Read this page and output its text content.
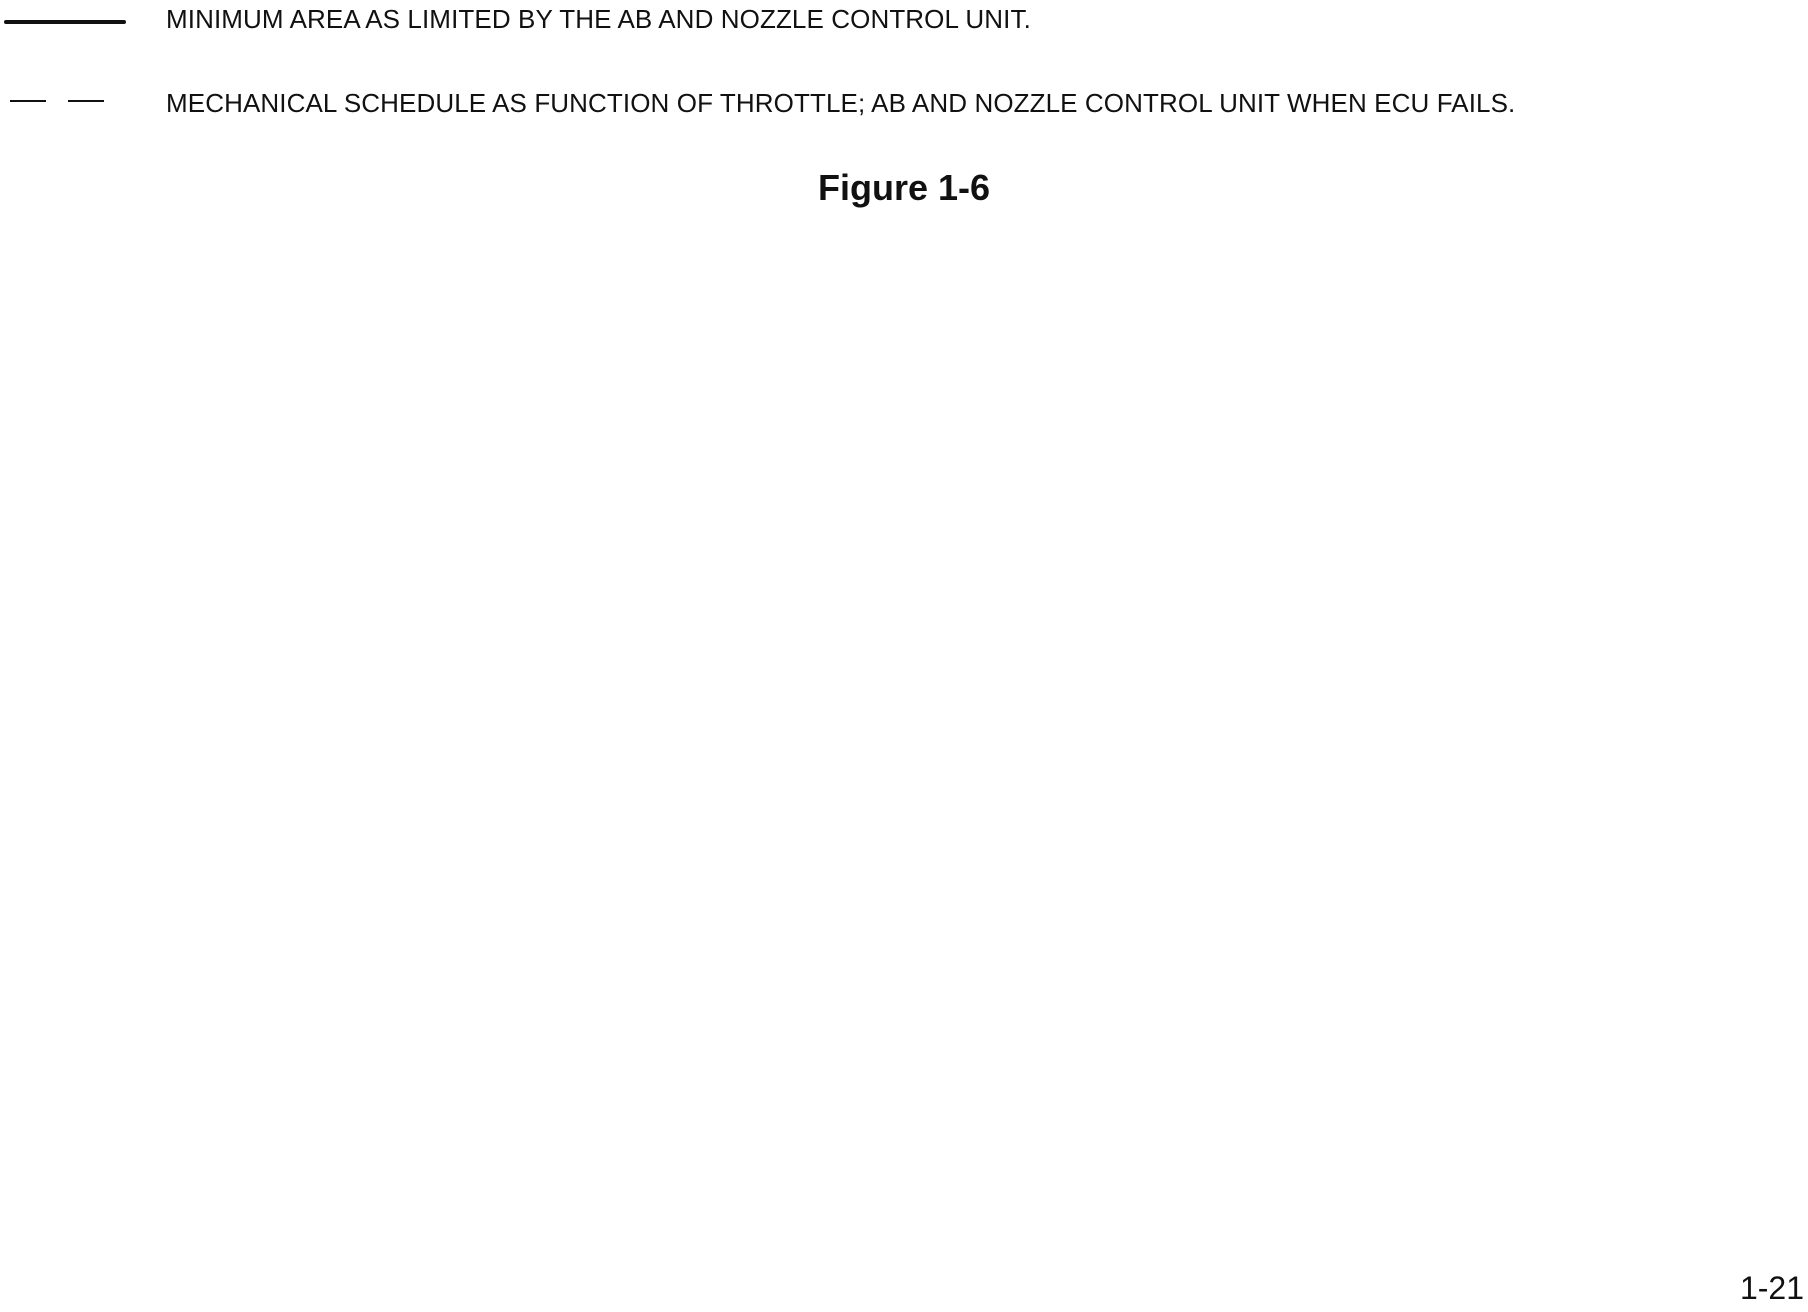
MINIMUM AREA AS LIMITED BY THE AB AND NOZZLE CONTROL UNIT.
MECHANICAL SCHEDULE AS FUNCTION OF THROTTLE; AB AND NOZZLE CONTROL UNIT WHEN ECU FAILS.
Figure 1-6
1-21
